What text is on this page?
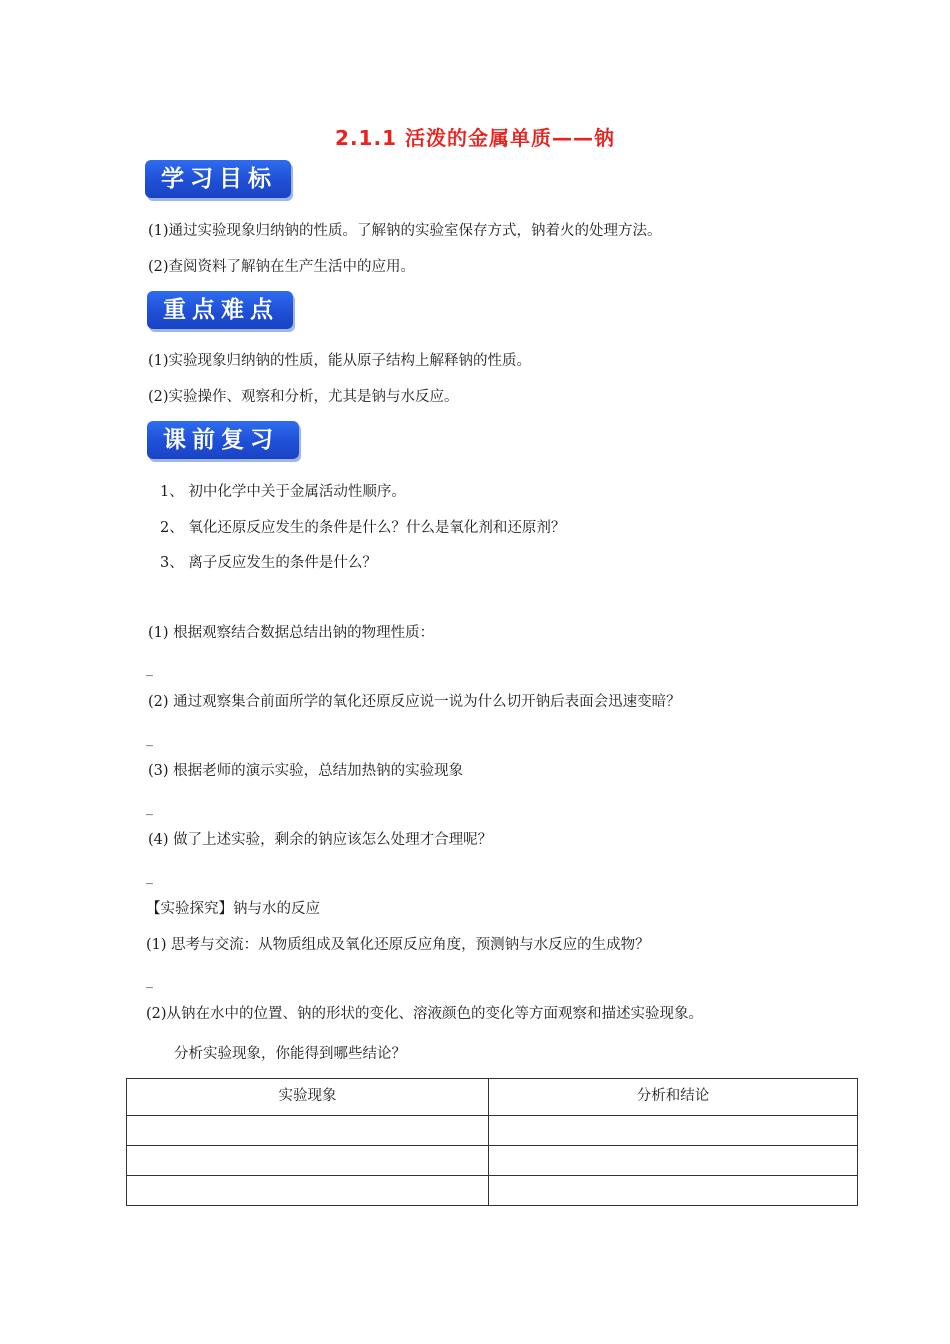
2.1.1 活泼的金属单质——钠
学习目标
(1)通过实验现象归纳钠的性质。了解钠的实验室保存方式，钠着火的处理方法。
(2)查阅资料了解钠在生产生活中的应用。
重点难点
(1)实验现象归纳钠的性质，能从原子结构上解释钠的性质。
(2)实验操作、观察和分析，尤其是钠与水反应。
课前复习
1、 初中化学中关于金属活动性顺序。
2、 氧化还原反应发生的条件是什么？什么是氧化剂和还原剂？
3、 离子反应发生的条件是什么？
(1) 根据观察结合数据总结出钠的物理性质：
_
(2) 通过观察集合前面所学的氧化还原反应说一说为什么切开钠后表面会迅速变暗？
_
(3) 根据老师的演示实验，总结加热钠的实验现象
_
(4) 做了上述实验，剩余的钠应该怎么处理才合理呢？
_
【实验探究】钠与水的反应
(1) 思考与交流：从物质组成及氧化还原反应角度，预测钠与水反应的生成物？
_
(2)从钠在水中的位置、钠的形状的变化、溶液颜色的变化等方面观察和描述实验现象。
分析实验现象，你能得到哪些结论？
实验现象	分析和结论
